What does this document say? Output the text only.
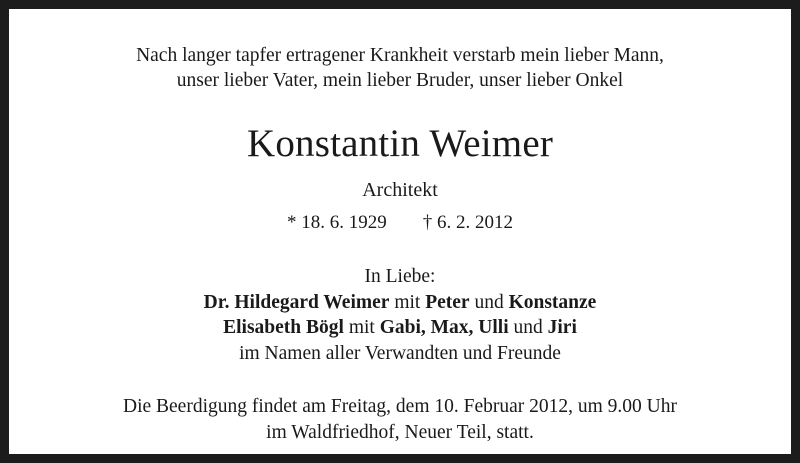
Nach langer tapfer ertragener Krankheit verstarb mein lieber Mann,
unser lieber Vater, mein lieber Bruder, unser lieber Onkel
Konstantin Weimer
Architekt
* 18. 6. 1929 † 6. 2. 2012
In Liebe:
Dr. Hildegard Weimer mit Peter und Konstanze
Elisabeth Bögl mit Gabi, Max, Ulli und Jiri
im Namen aller Verwandten und Freunde
Die Beerdigung findet am Freitag, dem 10. Februar 2012, um 9.00 Uhr
im Waldfriedhof, Neuer Teil, statt.
